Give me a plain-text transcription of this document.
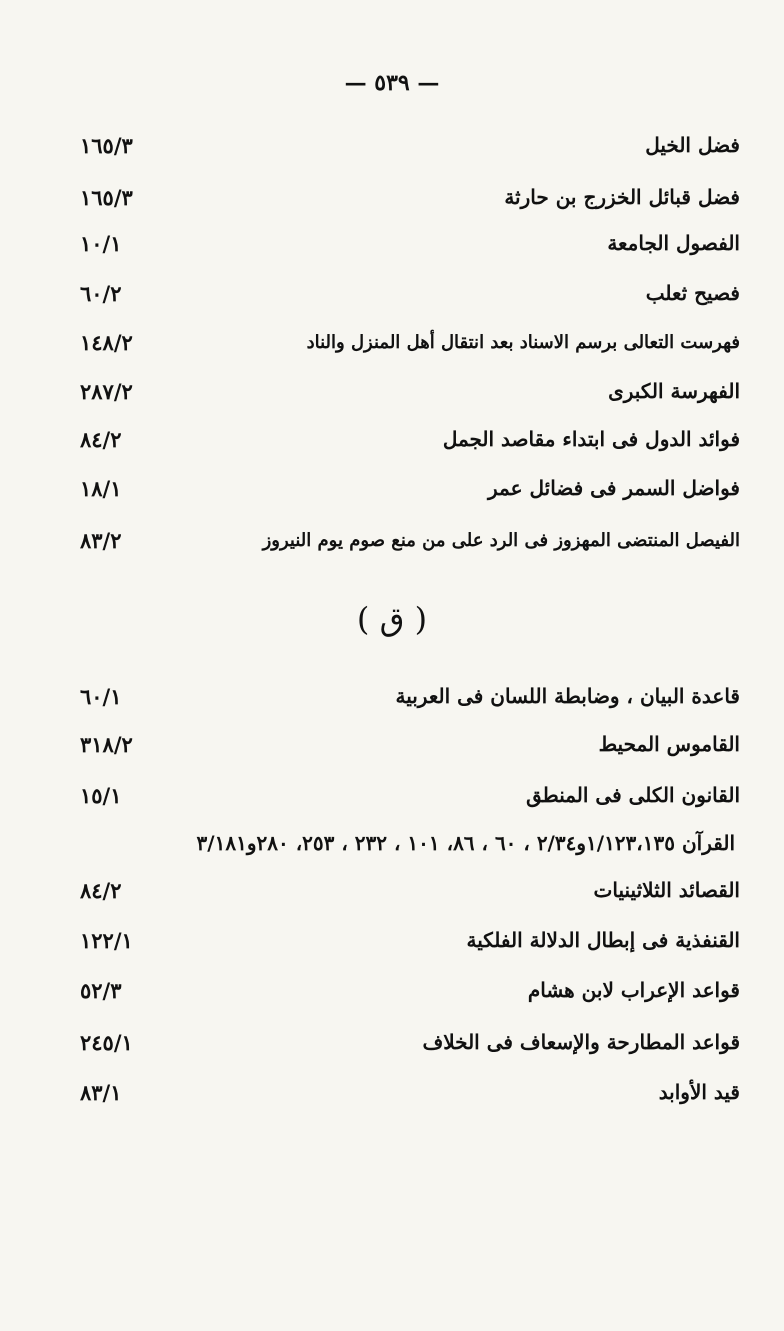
— ٥٣٩ —
فضل الخيل
١٦٥/٣
فضل قبائل الخزرج بن حارثة
١٦٥/٣
الفصول الجامعة
١٠/١
فصيح ثعلب
٦٠/٢
فهرست التعالى برسم الاسناد بعد انتقال أهل المنزل والناد
١٤٨/٢
الفهرسة الكبرى
٢٨٧/٢
فوائد الدول فى ابتداء مقاصد الجمل
٨٤/٢
فواضل السمر فى فضائل عمر
١٨/١
الفيصل المنتضى المهزوز فى الرد على من منع صوم يوم النيروز
٨٣/٢
( ق )
قاعدة البيان ، وضابطة اللسان فى العربية
٦٠/١
القاموس المحيط
٣١٨/٢
القانون الكلى فى المنطق
١٥/١
القرآن ١/١٢٣،١٣٥و٢/٣٤ ، ٦٠ ، ٨٦، ١٠١ ، ٢٣٢ ، ٢٥٣، ٢٨٠و٣/١٨١
القصائد الثلاثينيات
٨٤/٢
القنفذية فى إبطال الدلالة الفلكية
١٢٢/١
قواعد الإعراب لابن هشام
٥٢/٣
قواعد المطارحة والإسعاف فى الخلاف
٢٤٥/١
قيد الأوابد
٨٣/١
